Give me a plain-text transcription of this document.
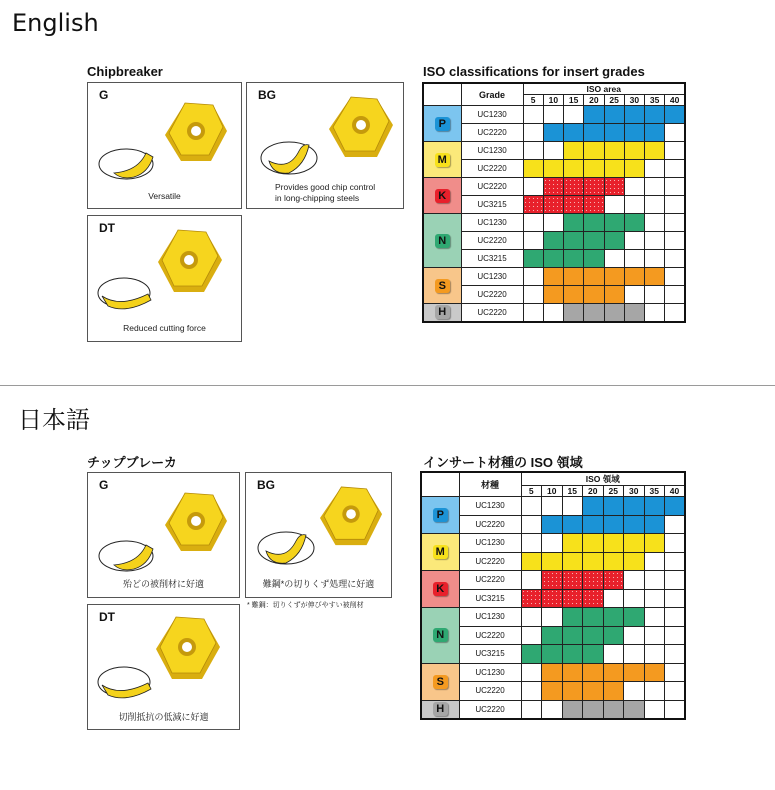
English
Chipbreaker	ISO classifications for insert grades
G
Versatile
BG
Provides good chip control
in long-chipping steels
DT
Reduced cutting force
	Grade	ISO area							
		5	10	15	20	25	30	35	40
P	UC1230								
	UC2220								
M	UC1230								
	UC2220								
K	UC2220								
	UC3215								
N	UC1230								
	UC2220								
	UC3215								
S	UC1230								
	UC2220								
H	UC2220								
日本語
チップブレーカ	インサート材種の ISO 領域
G
殆どの被削材に好適
BG
難鋼*の切りくず処理に好適
* 難鋼：切りくずが伸びやすい被削材
DT
切削抵抗の低減に好適
	材種	ISO 領域							
		5	10	15	20	25	30	35	40
P	UC1230								
	UC2220								
M	UC1230								
	UC2220								
K	UC2220								
	UC3215								
N	UC1230								
	UC2220								
	UC3215								
S	UC1230								
	UC2220								
H	UC2220								
